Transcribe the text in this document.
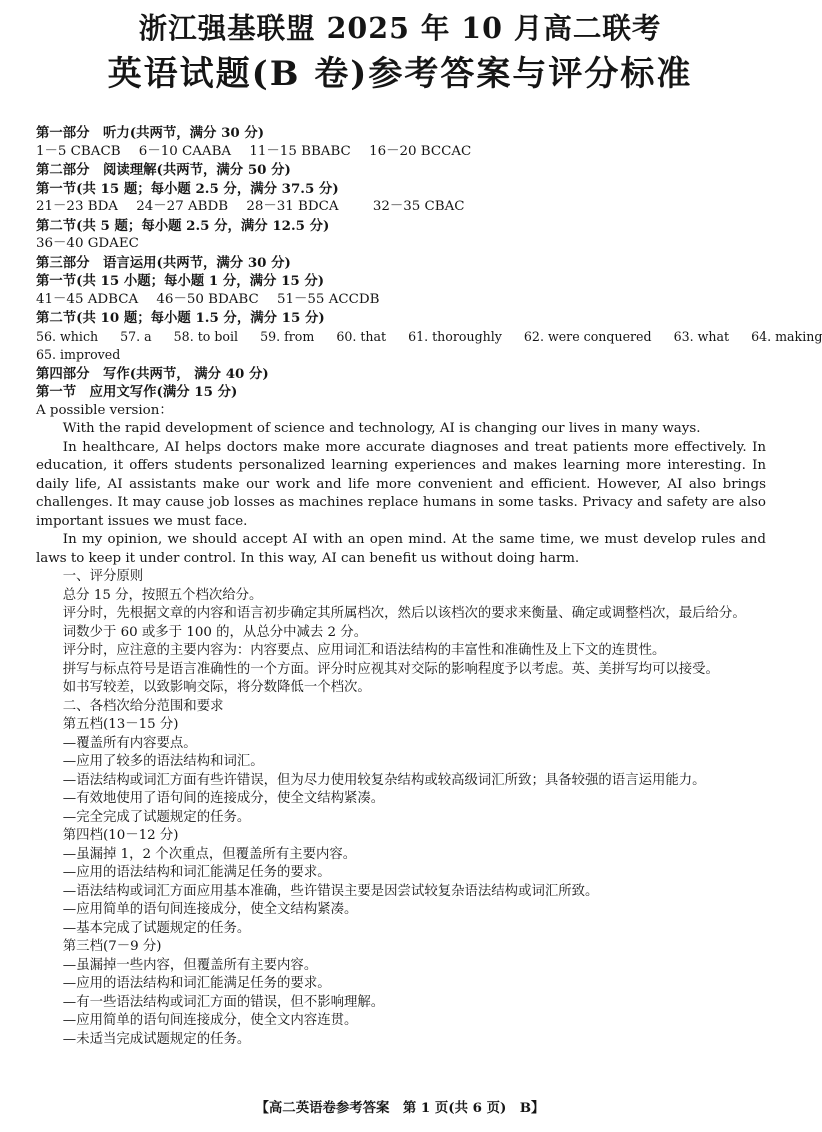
浙江强基联盟 2025 年 10 月高二联考
英语试题(B 卷)参考答案与评分标准

第一部分　听力(共两节，满分 30 分)

1－5 CBACB 6－10 CAABA 11－15 BBABC 16－20 BCCAC

第二部分　阅读理解(共两节，满分 50 分)

第一节(共 15 题；每小题 2.5 分，满分 37.5 分)

21－23 BDA 24－27 ABDB 28－31 BDCA	32－35 CBAC

第二节(共 5 题；每小题 2.5 分，满分 12.5 分)

36－40 GDAEC

第三部分　语言运用(共两节，满分 30 分)

第一节(共 15 小题；每小题 1 分，满分 15 分)

41－45 ADBCA 46－50 BDABC 51－55 ACCDB

第二节(共 10 题；每小题 1.5 分，满分 15 分)

56. which 57. a 58. to boil 59. from 60. that 61. thoroughly 62. were conquered 63. what 64. making

65. improved

第四部分　写作(共两节， 满分 40 分)

第一节　应用文写作(满分 15 分)

A possible version：

With the rapid development of science and technology, AI is changing our lives in many ways.

In healthcare, AI helps doctors make more accurate diagnoses and treat patients more effectively. In education, it offers students personalized learning experiences and makes learning more interesting. In daily life, AI assistants make our work and life more convenient and efficient. However, AI also brings challenges. It may cause job losses as machines replace humans in some tasks. Privacy and safety are also important issues we must face.

In my opinion, we should accept AI with an open mind. At the same time, we must develop rules and laws to keep it under control. In this way, AI can benefit us without doing harm.

一、评分原则

总分 15 分，按照五个档次给分。

评分时，先根据文章的内容和语言初步确定其所属档次，然后以该档次的要求来衡量、确定或调整档次，最后给分。

词数少于 60 或多于 100 的，从总分中减去 2 分。

评分时，应注意的主要内容为：内容要点、应用词汇和语法结构的丰富性和准确性及上下文的连贯性。

拼写与标点符号是语言准确性的一个方面。评分时应视其对交际的影响程度予以考虑。英、美拼写均可以接受。

如书写较差，以致影响交际，将分数降低一个档次。

二、各档次给分范围和要求

第五档(13－15 分)

—覆盖所有内容要点。

—应用了较多的语法结构和词汇。

—语法结构或词汇方面有些许错误，但为尽力使用较复杂结构或较高级词汇所致；具备较强的语言运用能力。

—有效地使用了语句间的连接成分，使全文结构紧凑。

—完全完成了试题规定的任务。

第四档(10－12 分)

—虽漏掉 1，2 个次重点，但覆盖所有主要内容。

—应用的语法结构和词汇能满足任务的要求。

—语法结构或词汇方面应用基本准确，些许错误主要是因尝试较复杂语法结构或词汇所致。

—应用简单的语句间连接成分，使全文结构紧凑。

—基本完成了试题规定的任务。

第三档(7－9 分)

—虽漏掉一些内容，但覆盖所有主要内容。

—应用的语法结构和词汇能满足任务的要求。

—有一些语法结构或词汇方面的错误，但不影响理解。

—应用简单的语句间连接成分，使全文内容连贯。

—未适当完成试题规定的任务。

【高二英语卷参考答案　第 1 页(共 6 页)　B】
